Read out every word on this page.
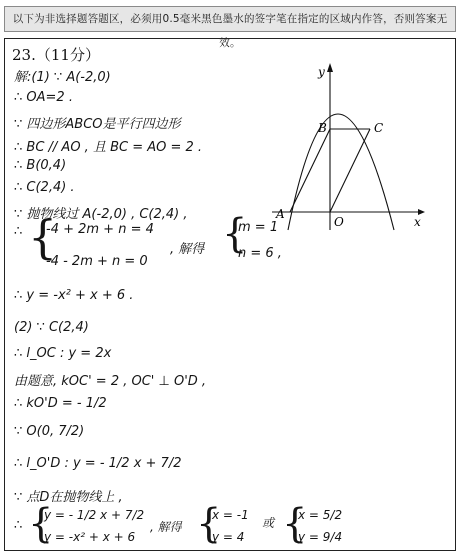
以下为非选择题答题区，必须用0.5毫米黑色墨水的签字笔在指定的区域内作答，否则答案无效。
23.（11分）
解:(1) ∵ A(-2,0)
∴ OA=2 .
∵ 四边形ABCO是平行四边形
∴ BC // AO , 且 BC = AO = 2 .
∴ B(0,4)
∴ C(2,4) .
∵ 抛物线过 A(-2,0) , C(2,4) ,
∴ {
-4 + 2m + n = 4
-4 - 2m + n = 0
, 解得 {
m = 1
n = 6 ,
∴ y = -x² + x + 6 .
(2) ∵ C(2,4)
∴ l_OC : y = 2x
由题意, kOC' = 2 , OC' ⊥ O'D ,
∴ kO'D = - 1/2
∵ O(0, 7/2)
∴ l_O'D : y = - 1/2 x + 7/2
∵ 点D在抛物线上 ,
∴ {
y = - 1/2 x + 7/2
y = -x² + x + 6
, 解得 {
x = -1
y = 4
或 {
x = 5/2
y = 9/4
A
B	C
O	x
y
